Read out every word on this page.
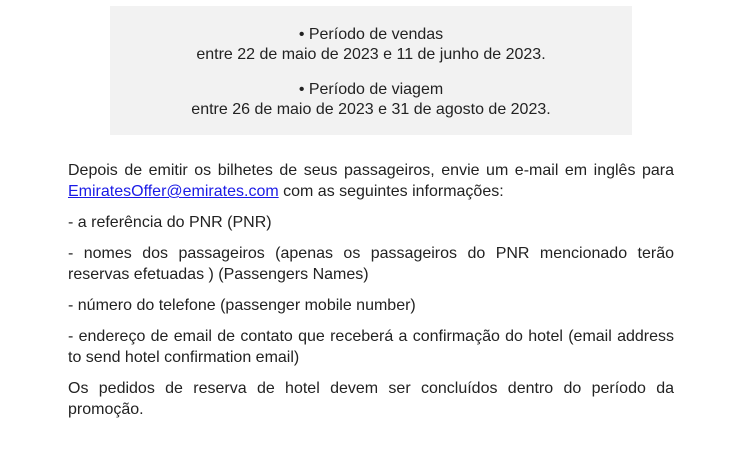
• Período de vendas
entre 22 de maio de 2023 e 11 de junho de 2023.
• Período de viagem
entre 26 de maio de 2023 e 31 de agosto de 2023.

Depois de emitir os bilhetes de seus passageiros, envie um e-mail em inglês para EmiratesOffer@emirates.com com as seguintes informações:

- a referência do PNR (PNR)

- nomes dos passageiros (apenas os passageiros do PNR mencionado terão reservas efetuadas ) (Passengers Names)

- número do telefone (passenger mobile number)

- endereço de email de contato que receberá a confirmação do hotel (email address to send hotel confirmation email)

Os pedidos de reserva de hotel devem ser concluídos dentro do período da promoção.
